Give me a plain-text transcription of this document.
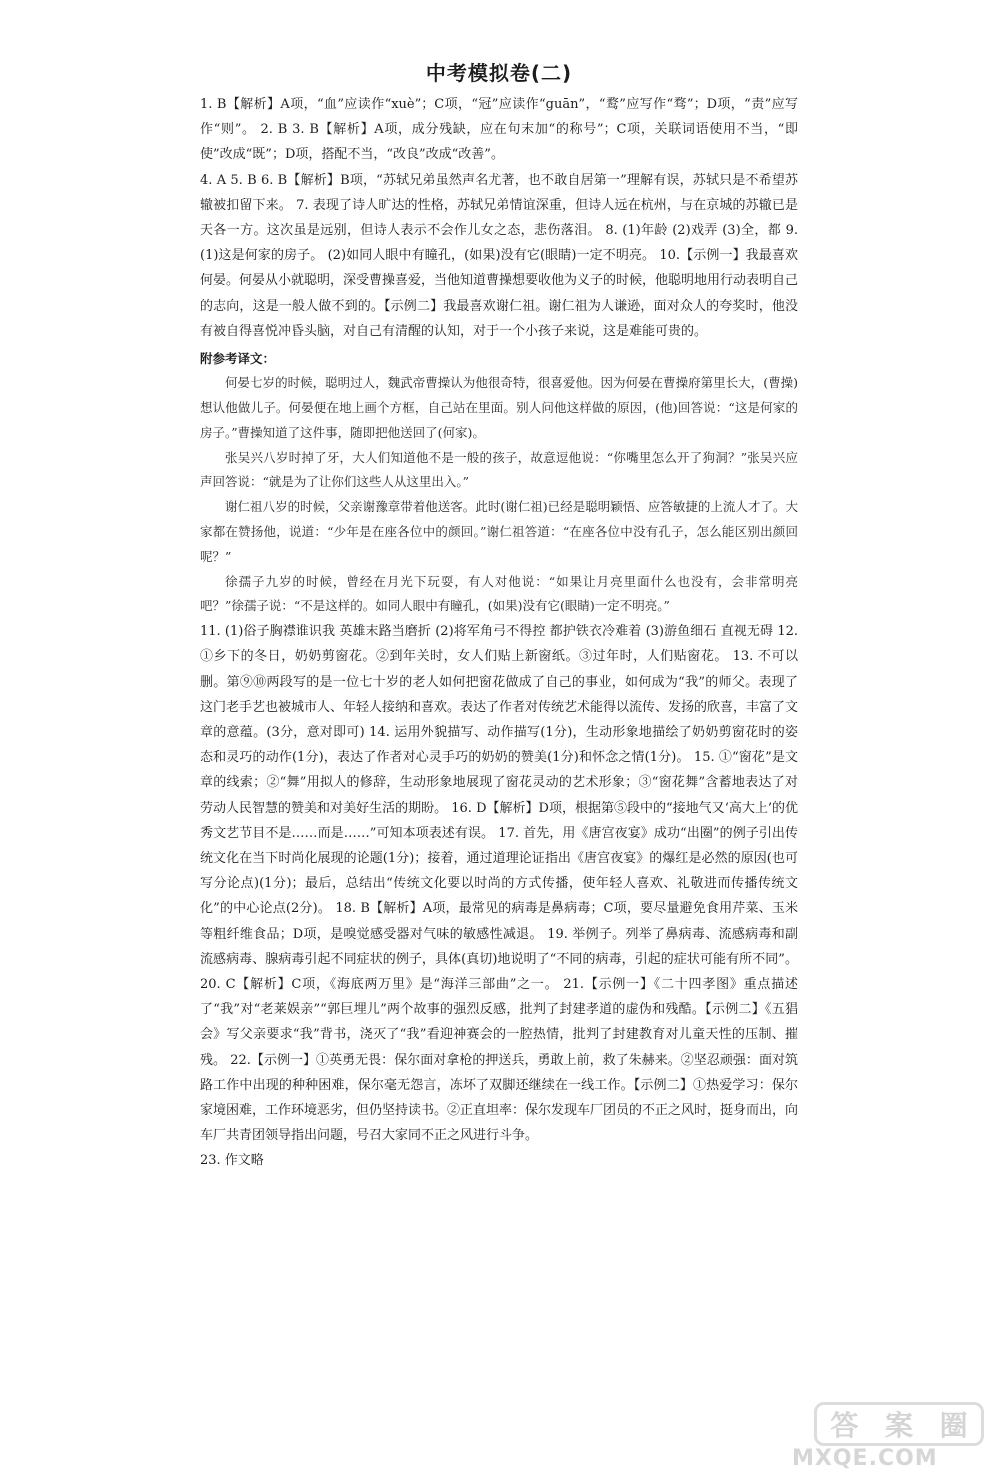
中考模拟卷(二)

1. B【解析】A项，“血”应读作“xuè”；C项，“冠”应读作“guān”，“鹜”应写作“骛”；D项，“责”应写作“则”。 2. B 3. B【解析】A项，成分残缺，应在句末加“的称号”；C项，关联词语使用不当，“即使”改成“既”；D项，搭配不当，“改良”改成“改善”。

4. A 5. B 6. B【解析】B项，“苏轼兄弟虽然声名尤著，也不敢自居第一”理解有误，苏轼只是不希望苏辙被扣留下来。 7. 表现了诗人旷达的性格，苏轼兄弟情谊深重，但诗人远在杭州，与在京城的苏辙已是天各一方。这次虽是远别，但诗人表示不会作儿女之态，悲伤落泪。 8. (1)年龄 (2)戏弄 (3)全，都 9. (1)这是何家的房子。 (2)如同人眼中有瞳孔，(如果)没有它(眼睛)一定不明亮。 10.【示例一】我最喜欢何晏。何晏从小就聪明，深受曹操喜爱，当他知道曹操想要收他为义子的时候，他聪明地用行动表明自己的志向，这是一般人做不到的。【示例二】我最喜欢谢仁祖。谢仁祖为人谦逊，面对众人的夸奖时，他没有被自得喜悦冲昏头脑，对自己有清醒的认知，对于一个小孩子来说，这是难能可贵的。

附参考译文：

何晏七岁的时候，聪明过人，魏武帝曹操认为他很奇特，很喜爱他。因为何晏在曹操府第里长大，(曹操)想认他做儿子。何晏便在地上画个方框，自己站在里面。别人问他这样做的原因，(他)回答说：“这是何家的房子。”曹操知道了这件事，随即把他送回了(何家)。

张吴兴八岁时掉了牙，大人们知道他不是一般的孩子，故意逗他说：“你嘴里怎么开了狗洞？”张吴兴应声回答说：“就是为了让你们这些人从这里出入。”

谢仁祖八岁的时候，父亲谢豫章带着他送客。此时(谢仁祖)已经是聪明颖悟、应答敏捷的上流人才了。大家都在赞扬他，说道：“少年是在座各位中的颜回。”谢仁祖答道：“在座各位中没有孔子，怎么能区别出颜回呢？”

徐孺子九岁的时候，曾经在月光下玩耍，有人对他说：“如果让月亮里面什么也没有，会非常明亮吧？”徐孺子说：“不是这样的。如同人眼中有瞳孔，(如果)没有它(眼睛)一定不明亮。”

11. (1)俗子胸襟谁识我 英雄末路当磨折 (2)将军角弓不得控 都护铁衣冷难着 (3)游鱼细石 直视无碍 12. ①乡下的冬日，奶奶剪窗花。②到年关时，女人们贴上新窗纸。③过年时，人们贴窗花。 13. 不可以删。第⑨⑩两段写的是一位七十岁的老人如何把窗花做成了自己的事业，如何成为“我”的师父。表现了这门老手艺也被城市人、年轻人接纳和喜欢。表达了作者对传统艺术能得以流传、发扬的欣喜，丰富了文章的意蕴。(3分，意对即可) 14. 运用外貌描写、动作描写(1分)，生动形象地描绘了奶奶剪窗花时的姿态和灵巧的动作(1分)，表达了作者对心灵手巧的奶奶的赞美(1分)和怀念之情(1分)。 15. ①“窗花”是文章的线索；②“舞”用拟人的修辞，生动形象地展现了窗花灵动的艺术形象；③“窗花舞”含蓄地表达了对劳动人民智慧的赞美和对美好生活的期盼。 16. D【解析】D项，根据第⑤段中的“接地气又‘高大上’的优秀文艺节目不是……而是……”可知本项表述有误。 17. 首先，用《唐宫夜宴》成功“出圈”的例子引出传统文化在当下时尚化展现的论题(1分)；接着，通过道理论证指出《唐宫夜宴》的爆红是必然的原因(也可写分论点)(1分)；最后，总结出“传统文化要以时尚的方式传播，使年轻人喜欢、礼敬进而传播传统文化”的中心论点(2分)。 18. B【解析】A项，最常见的病毒是鼻病毒；C项，要尽量避免食用芹菜、玉米等粗纤维食品；D项，是嗅觉感受器对气味的敏感性减退。 19. 举例子。列举了鼻病毒、流感病毒和副流感病毒、腺病毒引起不同症状的例子，具体(真切)地说明了“不同的病毒，引起的症状可能有所不同”。 20. C【解析】C项，《海底两万里》是“海洋三部曲”之一。 21.【示例一】《二十四孝图》重点描述了“我”对“老莱娱亲”“郭巨埋儿”两个故事的强烈反感，批判了封建孝道的虚伪和残酷。【示例二】《五猖会》写父亲要求“我”背书，浇灭了“我”看迎神赛会的一腔热情，批判了封建教育对儿童天性的压制、摧残。 22.【示例一】①英勇无畏：保尔面对拿枪的押送兵，勇敢上前，救了朱赫来。②坚忍顽强：面对筑路工作中出现的种种困难，保尔毫无怨言，冻坏了双脚还继续在一线工作。【示例二】①热爱学习：保尔家境困难，工作环境恶劣，但仍坚持读书。②正直坦率：保尔发现车厂团员的不正之风时，挺身而出，向车厂共青团领导指出问题，号召大家同不正之风进行斗争。

23. 作文略

答 案 圈
MXQE.COM
